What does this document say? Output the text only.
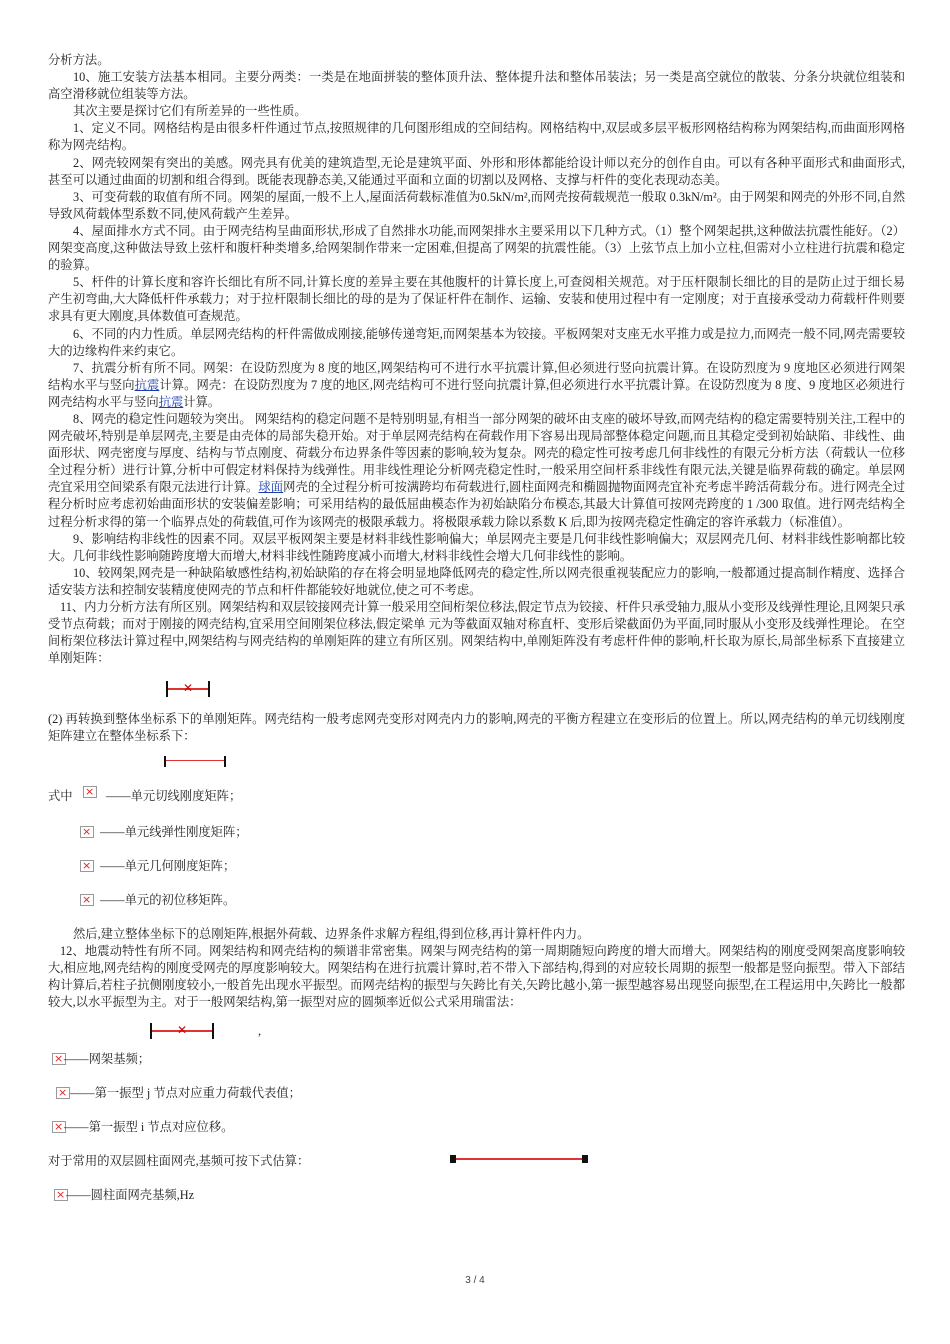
分析方法。

10、施工安装方法基本相同。主要分两类：一类是在地面拼装的整体顶升法、整体提升法和整体吊装法；另一类是高空就位的散装、分条分块就位组装和高空滑移就位组装等方法。

其次主要是探讨它们有所差异的一些性质。

1、定义不同。网格结构是由很多杆件通过节点,按照规律的几何图形组成的空间结构。网格结构中,双层或多层平板形网格结构称为网架结构,而曲面形网格称为网壳结构。

2、网壳较网架有突出的美感。网壳具有优美的建筑造型,无论是建筑平面、外形和形体都能给设计师以充分的创作自由。可以有各种平面形式和曲面形式,甚至可以通过曲面的切割和组合得到。既能表现静态美,又能通过平面和立面的切割以及网格、支撑与杆件的变化表现动态美。

3、可变荷载的取值有所不同。网架的屋面,一般不上人,屋面活荷载标准值为0.5kN/m²,而网壳按荷载规范一般取 0.3kN/m²。由于网架和网壳的外形不同,自然导致风荷载体型系数不同,使风荷载产生差异。

4、屋面排水方式不同。由于网壳结构呈曲面形状,形成了自然排水功能,而网架排水主要采用以下几种方式。（1）整个网架起拱,这种做法抗震性能好。（2）网架变高度,这种做法导致上弦杆和腹杆种类增多,给网架制作带来一定困难,但提高了网架的抗震性能。（3）上弦节点上加小立柱,但需对小立柱进行抗震和稳定的验算。

5、杆件的计算长度和容许长细比有所不同,计算长度的差异主要在其他腹杆的计算长度上,可查阅相关规范。对于压杆限制长细比的目的是防止过于细长易产生初弯曲,大大降低杆件承载力；对于拉杆限制长细比的母的是为了保证杆件在制作、运输、安装和使用过程中有一定刚度；对于直接承受动力荷载杆件则要求具有更大刚度,具体数值可查规范。

6、不同的内力性质。单层网壳结构的杆件需做成刚接,能够传递弯矩,而网架基本为铰接。平板网架对支座无水平推力或是拉力,而网壳一般不同,网壳需要较大的边缘构件来约束它。

7、抗震分析有所不同。网架：在设防烈度为 8 度的地区,网架结构可不进行水平抗震计算,但必须进行竖向抗震计算。在设防烈度为 9 度地区必须进行网架结构水平与竖向抗震计算。网壳：在设防烈度为 7 度的地区,网壳结构可不进行竖向抗震计算,但必须进行水平抗震计算。在设防烈度为 8 度、9 度地区必须进行网壳结构水平与竖向抗震计算。

8、网壳的稳定性问题较为突出。 网架结构的稳定问题不是特别明显,有相当一部分网架的破坏由支座的破坏导致,而网壳结构的稳定需要特别关注,工程中的网壳破坏,特别是单层网壳,主要是由壳体的局部失稳开始。对于单层网壳结构在荷载作用下容易出现局部整体稳定问题,而且其稳定受到初始缺陷、非线性、曲面形状、网壳密度与厚度、结构与节点刚度、荷载分布边界条件等因素的影响,较为复杂。网壳的稳定性可按考虑几何非线性的有限元分析方法（荷载认一位移全过程分析）进行计算,分析中可假定材料保持为线弹性。用非线性理论分析网壳稳定性时,一般采用空间杆系非线性有限元法,关键是临界荷载的确定。单层网壳宜采用空间梁系有限元法进行计算。球面网壳的全过程分析可按满跨均布荷载进行,圆柱面网壳和椭圆抛物面网壳宜补充考虑半跨活荷载分布。进行网壳全过程分析时应考虑初始曲面形状的安装偏差影响；可采用结构的最低屈曲模态作为初始缺陷分布模态,其最大计算值可按网壳跨度的 1 /300 取值。进行网壳结构全过程分析求得的第一个临界点处的荷载值,可作为该网壳的极限承载力。将极限承载力除以系数 K 后,即为按网壳稳定性确定的容许承载力（标准值）。

9、影响结构非线性的因素不同。双层平板网架主要是材料非线性影响偏大；单层网壳主要是几何非线性影响偏大；双层网壳几何、材料非线性影响都比较大。几何非线性影响随跨度增大而增大,材料非线性随跨度减小而增大,材料非线性会增大几何非线性的影响。

10、较网架,网壳是一种缺陷敏感性结构,初始缺陷的存在将会明显地降低网壳的稳定性,所以网壳很重视装配应力的影响,一般都通过提高制作精度、选择合适安装方法和控制安装精度使网壳的节点和杆件都能较好地就位,使之可不考虑。

11、内力分析方法有所区别。网架结构和双层铰接网壳计算一般采用空间桁架位移法,假定节点为铰接、杆件只承受轴力,服从小变形及线弹性理论,且网架只承受节点荷载；而对于刚接的网壳结构,宜采用空间刚架位移法,假定梁单 元为等截面双轴对称直杆、变形后梁截面仍为平面,同时服从小变形及线弹性理论。 在空间桁架位移法计算过程中,网架结构与网壳结构的单刚矩阵的建立有所区别。网架结构中,单刚矩阵没有考虑杆件伸的影响,杆长取为原长,局部坐标系下直接建立单刚矩阵：

✕

(2) 再转换到整体坐标系下的单刚矩阵。网壳结构一般考虑网壳变形对网壳内力的影响,网壳的平衡方程建立在变形后的位置上。所以,网壳结构的单元切线刚度矩阵建立在整体坐标系下：

式中
×	——单元切线刚度矩阵；
×
——单元线弹性刚度矩阵；
×
——单元几何刚度矩阵；
×
——单元的初位移矩阵。

然后,建立整体坐标下的总刚矩阵,根据外荷载、边界条件求解方程组,得到位移,再计算杆件内力。

12、地震动特性有所不同。网架结构和网壳结构的频谱非常密集。网架与网壳结构的第一周期随短向跨度的增大而增大。网架结构的刚度受网架高度影响较大,相应地,网壳结构的刚度受网壳的厚度影响较大。网架结构在进行抗震计算时,若不带入下部结构,得到的对应较长周期的振型一般都是竖向振型。带入下部结构计算后,若柱子抗侧刚度较小,一般首先出现水平振型。而网壳结构的振型与矢跨比有关,矢跨比越小,第一振型越容易出现竖向振型,在工程运用中,矢跨比一般都较大,以水平振型为主。对于一般网架结构,第一振型对应的圆频率近似公式采用瑞雷法：

✕	,
×
——网架基频；
×
——第一振型 j 节点对应重力荷载代表值；
×
——第一振型 i 节点对应位移。
对于常用的双层圆柱面网壳,基频可按下式估算：
×
——圆柱面网壳基频,Hz
3 / 4
